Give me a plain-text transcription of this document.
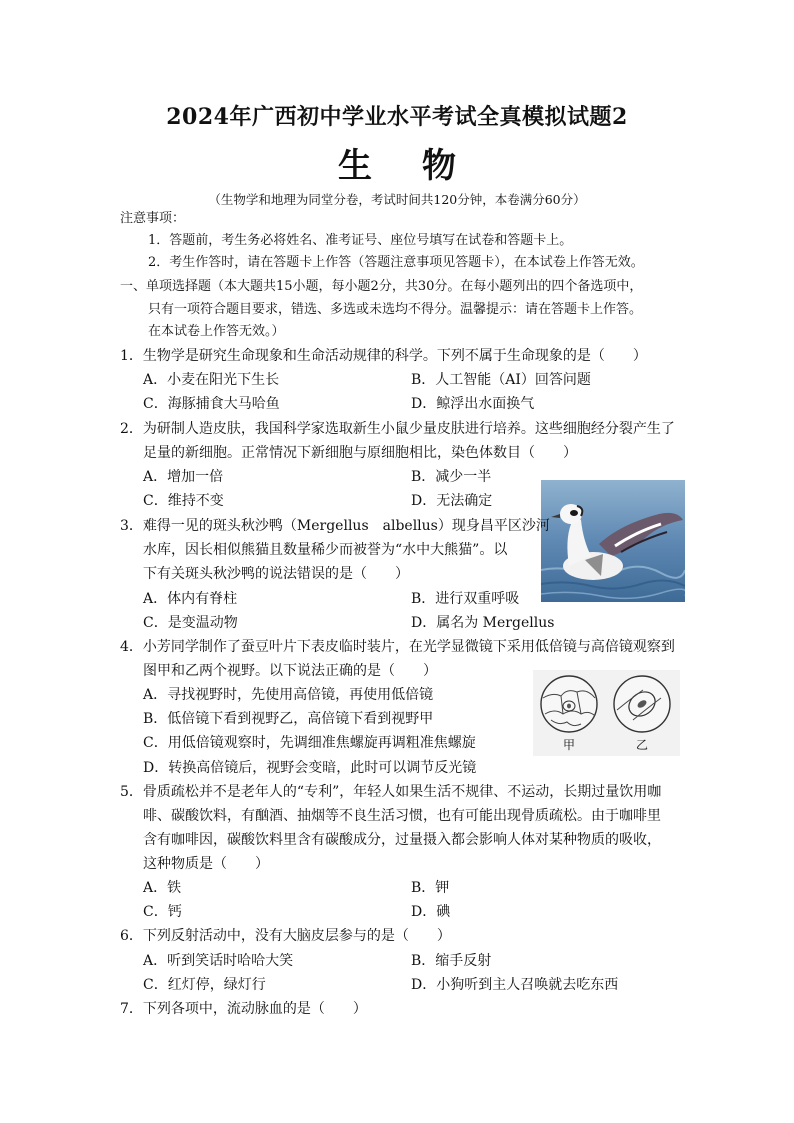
2024年广西初中学业水平考试全真模拟试题2
生物
（生物学和地理为同堂分卷，考试时间共120分钟，本卷满分60分）
注意事项：
1．答题前，考生务必将姓名、准考证号、座位号填写在试卷和答题卡上。
2．考生作答时，请在答题卡上作答（答题注意事项见答题卡），在本试卷上作答无效。
一、单项选择题（本大题共15小题，每小题2分，共30分。在每小题列出的四个备选项中，
只有一项符合题目要求，错选、多选或未选均不得分。温馨提示：请在答题卡上作答。
在本试卷上作答无效。）
1．生物学是研究生命现象和生命活动规律的科学。下列不属于生命现象的是（　　）
A．小麦在阳光下生长	B．人工智能（AI）回答问题
C．海豚捕食大马哈鱼	D．鲸浮出水面换气
2．为研制人造皮肤，我国科学家选取新生小鼠少量皮肤进行培养。这些细胞经分裂产生了
足量的新细胞。正常情况下新细胞与原细胞相比，染色体数目（　　）
A．增加一倍	B．减少一半
C．维持不变	D．无法确定
3．难得一见的斑头秋沙鸭（Mergellus　albellus）现身昌平区沙河
水库，因长相似熊猫且数量稀少而被誉为“水中大熊猫”。以
下有关斑头秋沙鸭的说法错误的是（　　）
A．体内有脊柱	B．进行双重呼吸
C．是变温动物	D．属名为 Mergellus
4．小芳同学制作了蚕豆叶片下表皮临时装片，在光学显微镜下采用低倍镜与高倍镜观察到
图甲和乙两个视野。以下说法正确的是（　　）
A．寻找视野时，先使用高倍镜，再使用低倍镜
B．低倍镜下看到视野乙，高倍镜下看到视野甲
C．用低倍镜观察时，先调细准焦螺旋再调粗准焦螺旋
D．转换高倍镜后，视野会变暗，此时可以调节反光镜
甲	乙
5．骨质疏松并不是老年人的“专利”，年轻人如果生活不规律、不运动，长期过量饮用咖
啡、碳酸饮料，有酗酒、抽烟等不良生活习惯，也有可能出现骨质疏松。由于咖啡里
含有咖啡因，碳酸饮料里含有碳酸成分，过量摄入都会影响人体对某种物质的吸收，
这种物质是（　　）
A．铁	B．钾
C．钙	D．碘
6．下列反射活动中，没有大脑皮层参与的是（　　）
A．听到笑话时哈哈大笑	B．缩手反射
C．红灯停，绿灯行	D．小狗听到主人召唤就去吃东西
7．下列各项中，流动脉血的是（　　）
